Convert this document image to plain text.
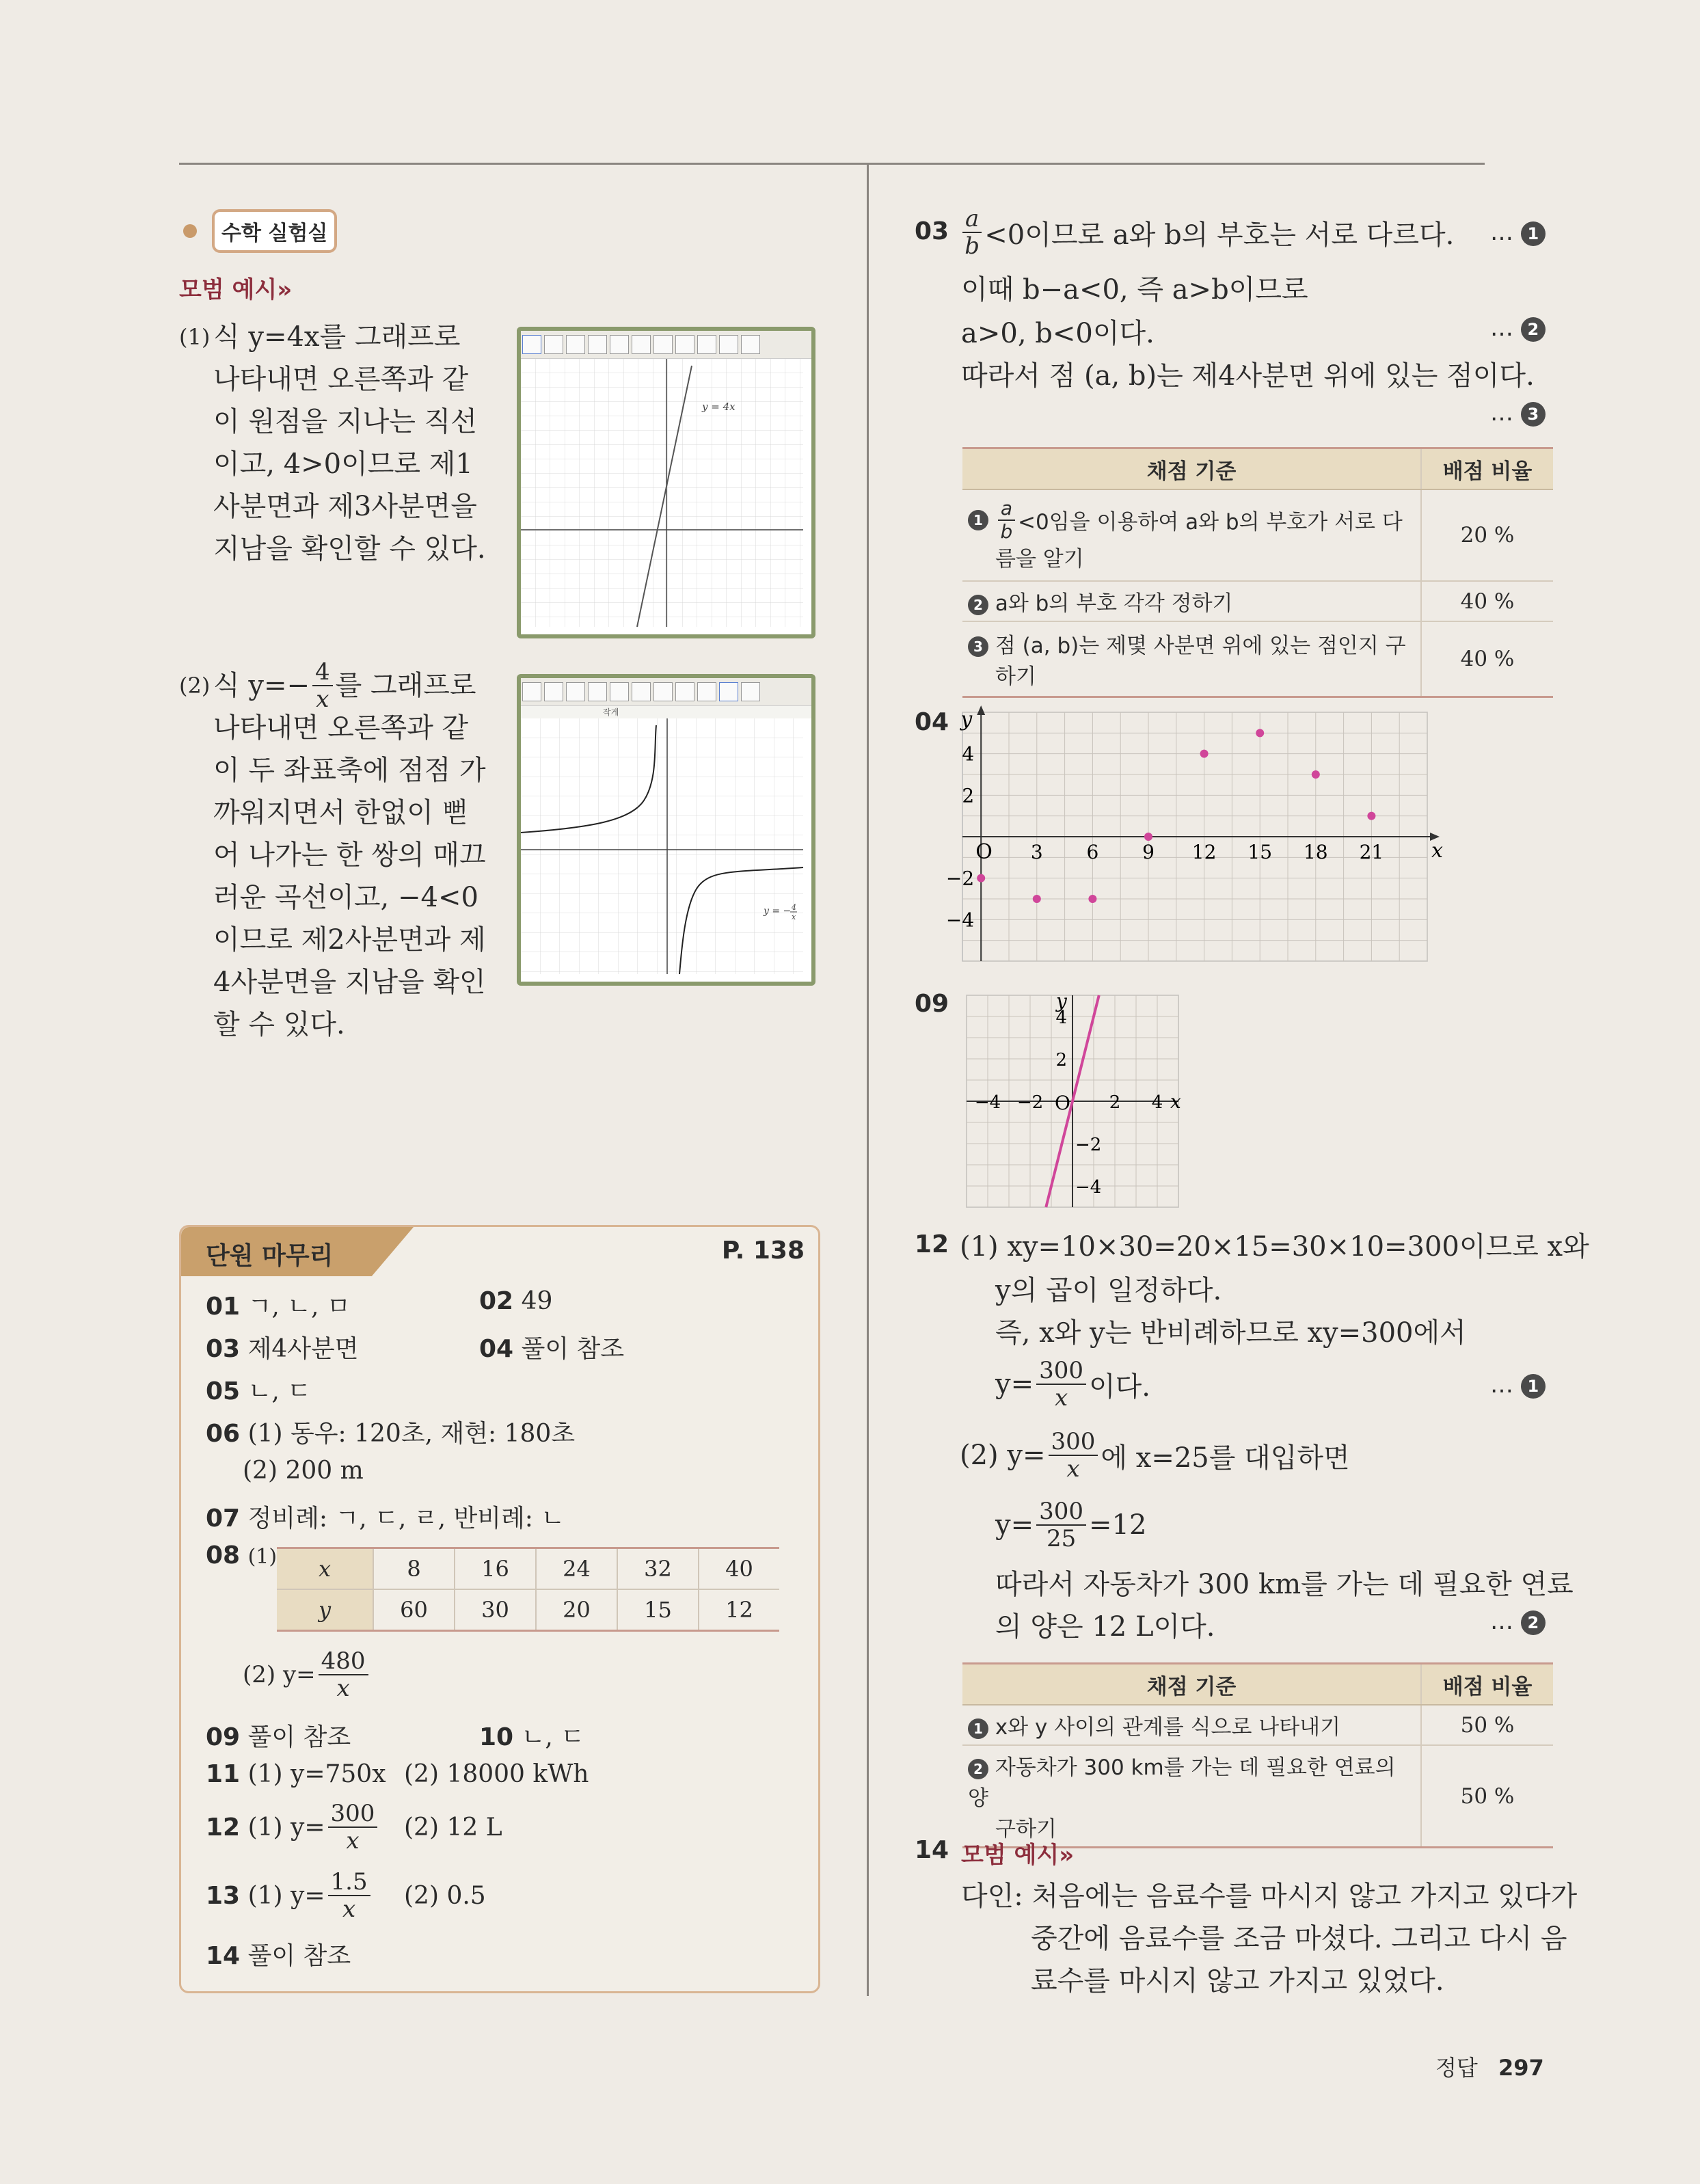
수학 실험실
모범 예시»
(1) 식 y=4x를 그래프로
나타내면 오른쪽과 같
이 원점을 지나는 직선
이고, 4>0이므로 제1
사분면과 제3사분면을
지남을 확인할 수 있다.
y = 4x
(2) 식 $y=- \frac{4}{x}$ 를 그래프로
나타내면 오른쪽과 같
이 두 좌표축에 점점 가
까워지면서 한없이 뻗
어 나가는 한 쌍의 매끄
러운 곡선이고, −4<0
이므로 제2사분면과 제
4사분면을 지남을 확인
할 수 있다.
작게
y = − 4
x
단원 마무리	P. 138
01 ㄱ, ㄴ, ㅁ	02 49
03 제4사분면	04 풀이 참조
05 ㄴ, ㄷ
06 (1) 동우: 120초, 재현: 180초
(2) 200 m
07 정비례: ㄱ, ㄷ, ㄹ, 반비례: ㄴ
08 (1) x	8	16	24	32	40
y	60	30	20	15	12
(2) $y= \frac{480}{x}$
09 풀이 참조	10 ㄴ, ㄷ
11 (1) y=750x (2) 18000 kWh
12
(1) $y= \frac{300}{x} (2)$ 12 L
13
(1) $y= \frac{1.5}{x} (2)$ 0.5
14 풀이 참조
$03 \frac{a}{b} <0$이므로 a와 b의 부호는 서로 다르다. … 1
이때 b−a<0, 즉 a>b이므로
a>0, b<0이다.	… 2
따라서 점 (a, b)는 제4사분면 위에 있는 점이다.
… 3
채점 기준	배점 비율

1
$\frac{a}{b} <0$임을 이용하여 a와 b의 부호가 서로 다
름을 알기	20 %
2 a와 b의 부호 각각 정하기	40 %

3 점 (a, b)는 제몇 사분면 위에 있는 점인지 구
하기	40 %
04
x
y
O 3 6 9 12 15 18 21
4
2
−2
−4
09
x
y
O
−4 −2	2 4
4
2
−2
−4
12 (1) xy=10×30=20×15=30×10=300이므로 x와
y의 곱이 일정하다.
즉, x와 y는 반비례하므로 xy=300에서
$y= \frac{300}{x}$ 이다.	… 1
(2) $y= \frac{300}{x}$ 에 x=25를 대입하면
$y= \frac{300}{25} =12$
따라서 자동차가 300 km를 가는 데 필요한 연료
의 양은 12 L이다.	… 2
채점 기준	배점 비율
1 x와 y 사이의 관계를 식으로 나타내기	50 %

2 자동차가 300 km를 가는 데 필요한 연료의 양
구하기	50 %
14 모범 예시»
다인: 처음에는 음료수를 마시지 않고 가지고 있다가
중간에 음료수를 조금 마셨다. 그리고 다시 음
료수를 마시지 않고 가지고 있었다.
정답 297
